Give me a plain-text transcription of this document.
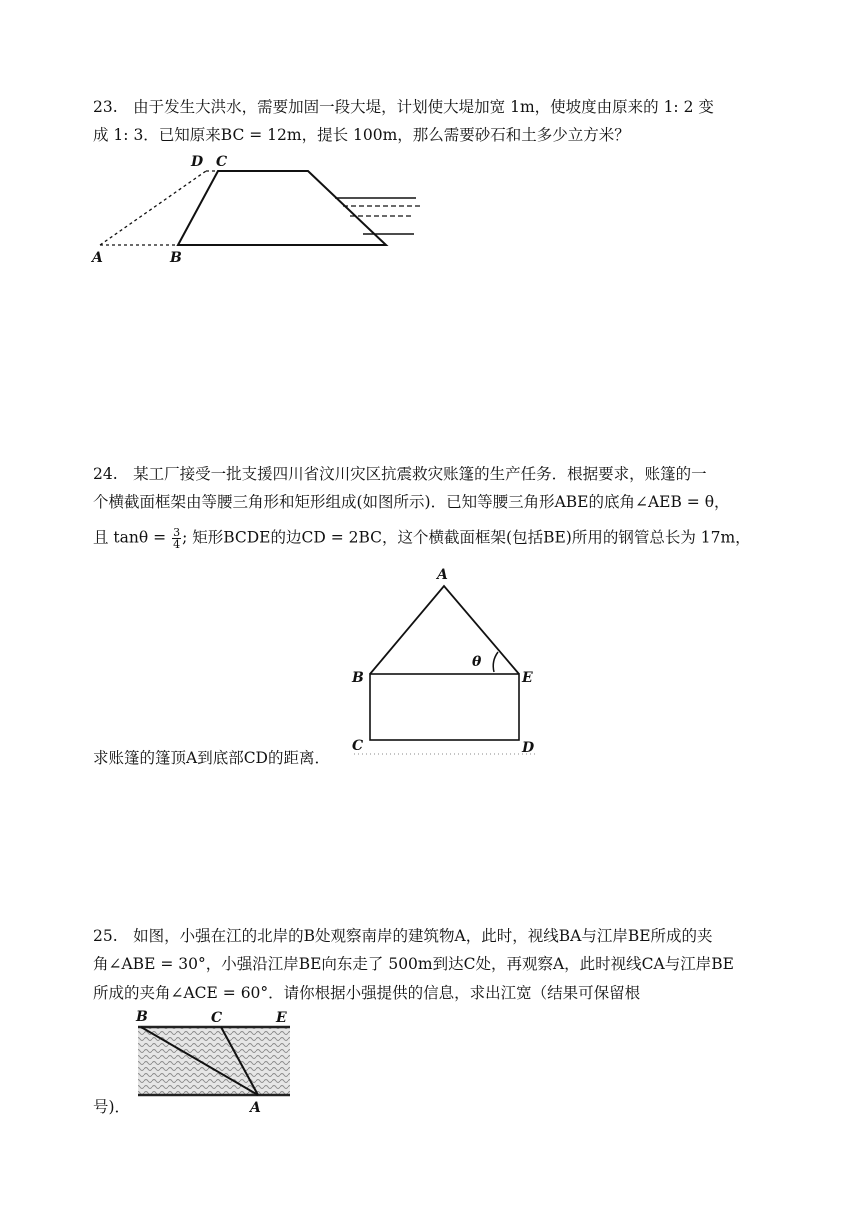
23.　由于发生大洪水，需要加固一段大堤，计划使大堤加宽 1m，使坡度由原来的 1: 2 变
成 1: 3．已知原来BC = 12m，提长 100m，那么需要砂石和土多少立方米？
D C
A	B
24.　某工厂接受一批支援四川省汶川灾区抗震救灾账篷的生产任务．根据要求，账篷的一
个横截面框架由等腰三角形和矩形组成(如图所示)．已知等腰三角形ABE的底角∠AEB = θ，
且 $\tan\theta = \frac{3}{4}$ ; 矩形BCDE的边CD = 2BC，这个横截面框架(包括BE)所用的钢管总长为 17m，
求账篷的篷顶A到底部CD的距离．
A
B	E
C	D
θ
25.　如图，小强在江的北岸的B处观察南岸的建筑物A，此时，视线BA与江岸BE所成的夹
角∠ABE = 30°，小强沿江岸BE向东走了 500m到达C处，再观察A，此时视线CA与江岸BE
所成的夹角∠ACE = 60°．请你根据小强提供的信息，求出江宽（结果可保留根
号)．
B	C	E
A
